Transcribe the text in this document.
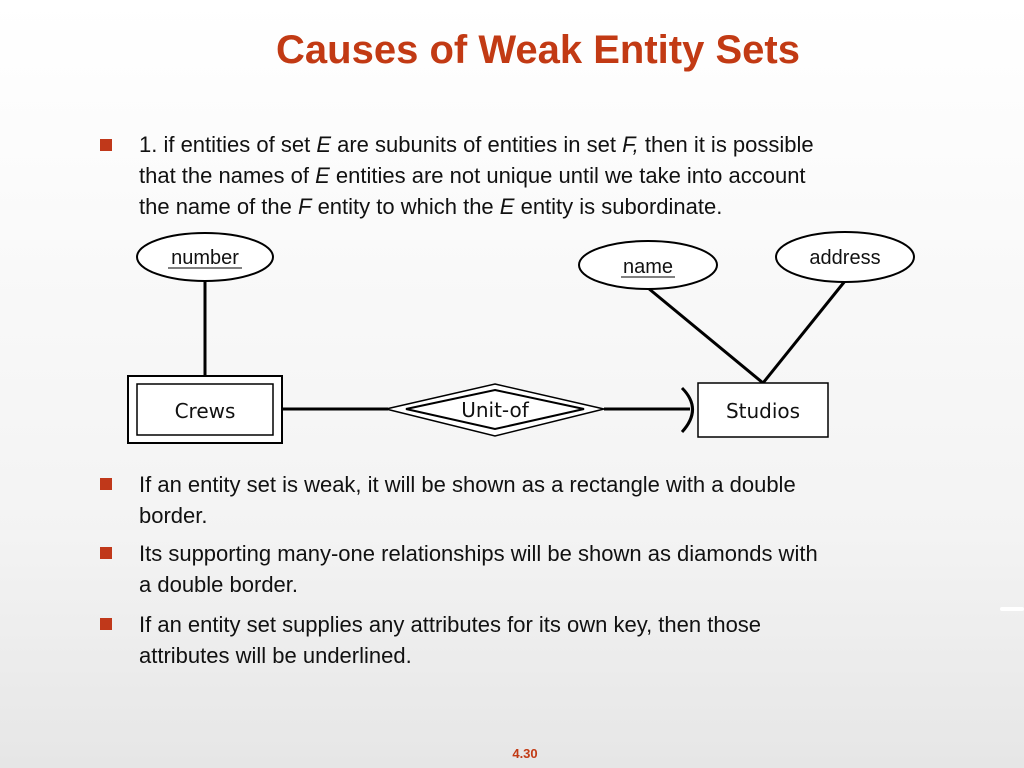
Causes of Weak Entity Sets
1. if entities of set E are subunits of entities in set F, then it is possible
that the names of E entities are not unique until we take into account
the name of the F entity to which the E entity is subordinate.
Crews	Unit-of	Studios
number	name	address
If an entity set is weak, it will be shown as a rectangle with a double
border.
Its supporting many-one relationships will be shown as diamonds with
a double border.
If an entity set supplies any attributes for its own key, then those
attributes will be underlined.
4.30
